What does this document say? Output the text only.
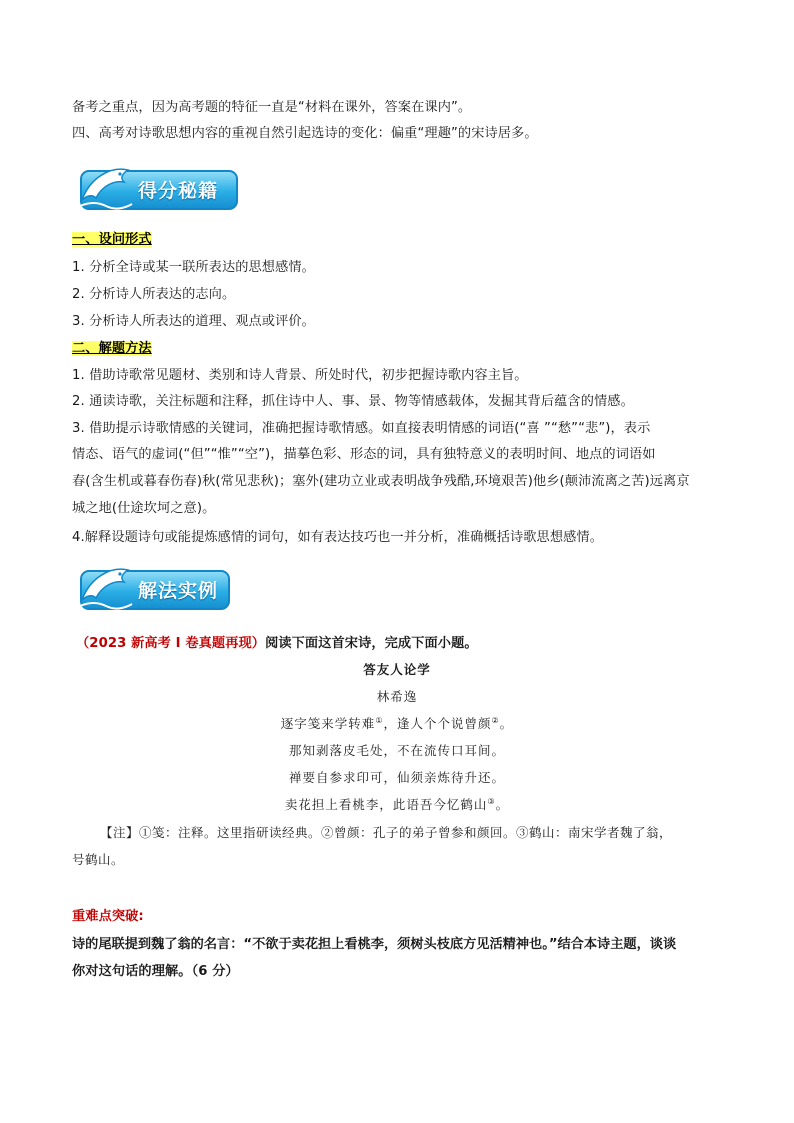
备考之重点，因为高考题的特征一直是“材料在课外，答案在课内”。
四、高考对诗歌思想内容的重视自然引起选诗的变化：偏重“理趣”的宋诗居多。
得分秘籍
一、设问形式
1. 分析全诗或某一联所表达的思想感情。
2. 分析诗人所表达的志向。
3. 分析诗人所表达的道理、观点或评价。
二、解题方法
1. 借助诗歌常见题材、类别和诗人背景、所处时代，初步把握诗歌内容主旨。
2. 通读诗歌，关注标题和注释，抓住诗中人、事、景、物等情感载体，发掘其背后蕴含的情感。
3. 借助提示诗歌情感的关键词，准确把握诗歌情感。如直接表明情感的词语(“喜 ”“愁”“悲”)，表示
情态、语气的虚词(“但”“惟”“空”)，描摹色彩、形态的词，具有独特意义的表明时间、地点的词语如
春(含生机或暮春伤春)秋(常见悲秋)；塞外(建功立业或表明战争残酷,环境艰苦)他乡(颠沛流离之苦)远离京
城之地(仕途坎坷之意)。
4.解释设题诗句或能提炼感情的词句，如有表达技巧也一并分析，准确概括诗歌思想感情。
解法实例
（2023 新高考 I 卷真题再现）阅读下面这首宋诗，完成下面小题。
答友人论学
林希逸
逐字笺来学转难①，逢人个个说曾颜②。
那知剥落皮毛处，不在流传口耳间。
禅要自参求印可，仙须亲炼待升还。
卖花担上看桃李，此语吾今忆鹤山③。
【注】①笺：注释。这里指研读经典。②曾颜：孔子的弟子曾参和颜回。③鹤山：南宋学者魏了翁，
号鹤山。
重难点突破:
诗的尾联提到魏了翁的名言：“不欲于卖花担上看桃李，须树头枝底方见活精神也。”结合本诗主题，谈谈
你对这句话的理解。（6 分）
